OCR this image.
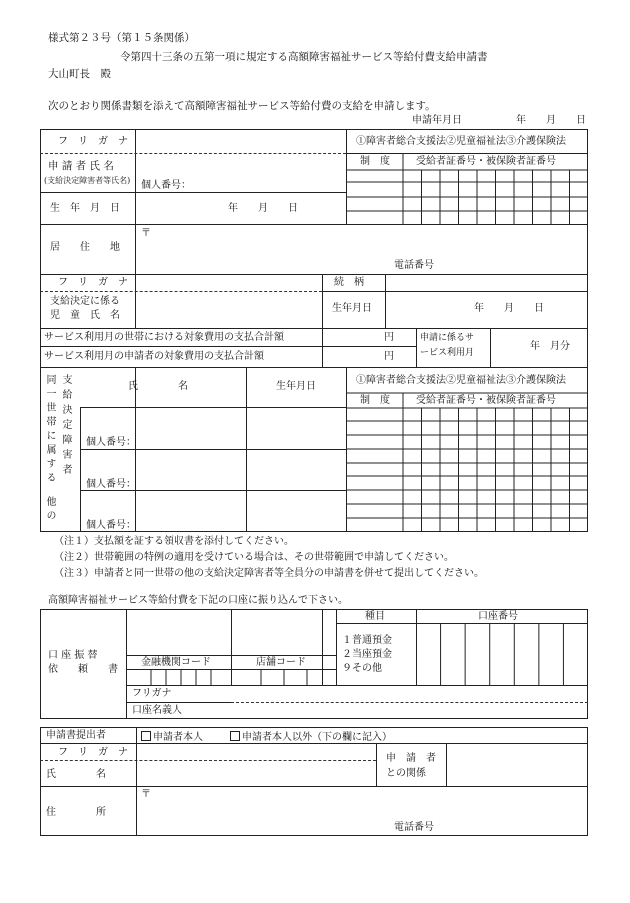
様式第２３号（第１５条関係）
令第四十三条の五第一項に規定する高額障害福祉サービス等給付費支給申請書
大山町長　殿
次のとおり関係書類を添えて高額障害福祉サービス等給付費の支給を申請します。
申請年月日	年　　月　　日
フ　リ　ガ　ナ	①障害者総合支援法②児童福祉法③介護保険法
制　度	受給者証番号・被保険者証番号
申 請 者 氏 名
(支給決定障害者等氏名) 個人番号：
生　年　月　日	年　　月　　日
居　　住　　地
〒
電話番号
フ　リ　ガ　ナ	続　柄
支給決定に係る
児　童　氏　名
生年月日	年　　月　　日
サービス利用月の世帯における対象費用の支払合計額	円
サービス利用月の申請者の対象費用の支払合計額	円
申請に係るサ
ービス利用月
年　月分
同一世帯に属する 支給決定障害者
他の
氏　　　　名	生年月日
①障害者総合支援法②児童福祉法③介護保険法
制　度	受給者証番号・被保険者証番号
個人番号：
個人番号：
個人番号：
（注１）支払額を証する領収書を添付してください。
（注２）世帯範囲の特例の適用を受けている場合は、その世帯範囲で申請してください。
（注３）申請者と同一世帯の他の支給決定障害者等全員分の申請書を併せて提出してください。
高額障害福祉サービス等給付費を下記の口座に振り込んで下さい。
口 座 振 替
依　　頼　　書
金融機関コード	店舗コード
種目
１普通預金
２当座預金
９その他
口座番号
フリガナ
口座名義人
申請書提出者	申請者本人	申請者本人以外（下の欄に記入）
フ　リ　ガ　ナ
氏　　　　名
申　請　者
との関係
住　　　　所
〒
電話番号
